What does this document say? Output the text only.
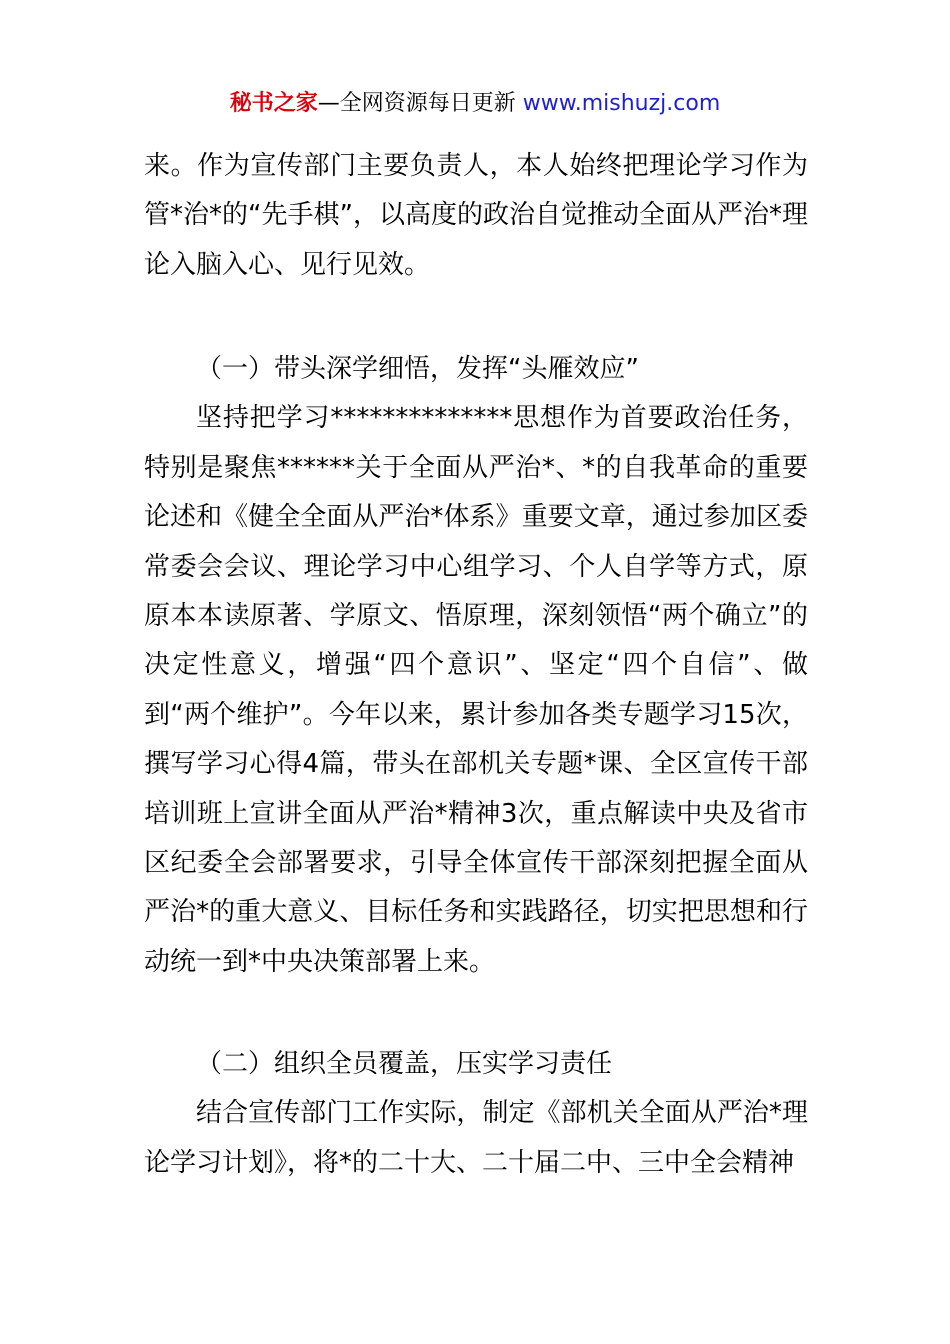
秘书之家—全网资源每日更新 www.mishuzj.com

来。作为宣传部门主要负责人，本人始终把理论学习作为管*治*的“先手棋”，以高度的政治自觉推动全面从严治*理论入脑入心、见行见效。

（一）带头深学细悟，发挥“头雁效应”

坚持把学习**************思想作为首要政治任务，特别是聚焦******关于全面从严治*、*的自我革命的重要论述和《健全全面从严治*体系》重要文章，通过参加区委常委会会议、理论学习中心组学习、个人自学等方式，原原本本读原著、学原文、悟原理，深刻领悟“两个确立”的决定性意义，增强“四个意识”、坚定“四个自信”、做到“两个维护”。今年以来，累计参加各类专题学习15次，撰写学习心得4篇，带头在部机关专题*课、全区宣传干部培训班上宣讲全面从严治*精神3次，重点解读中央及省市区纪委全会部署要求，引导全体宣传干部深刻把握全面从严治*的重大意义、目标任务和实践路径，切实把思想和行动统一到*中央决策部署上来。

（二）组织全员覆盖，压实学习责任

结合宣传部门工作实际，制定《部机关全面从严治*理论学习计划》，将*的二十大、二十届二中、三中全会精神
